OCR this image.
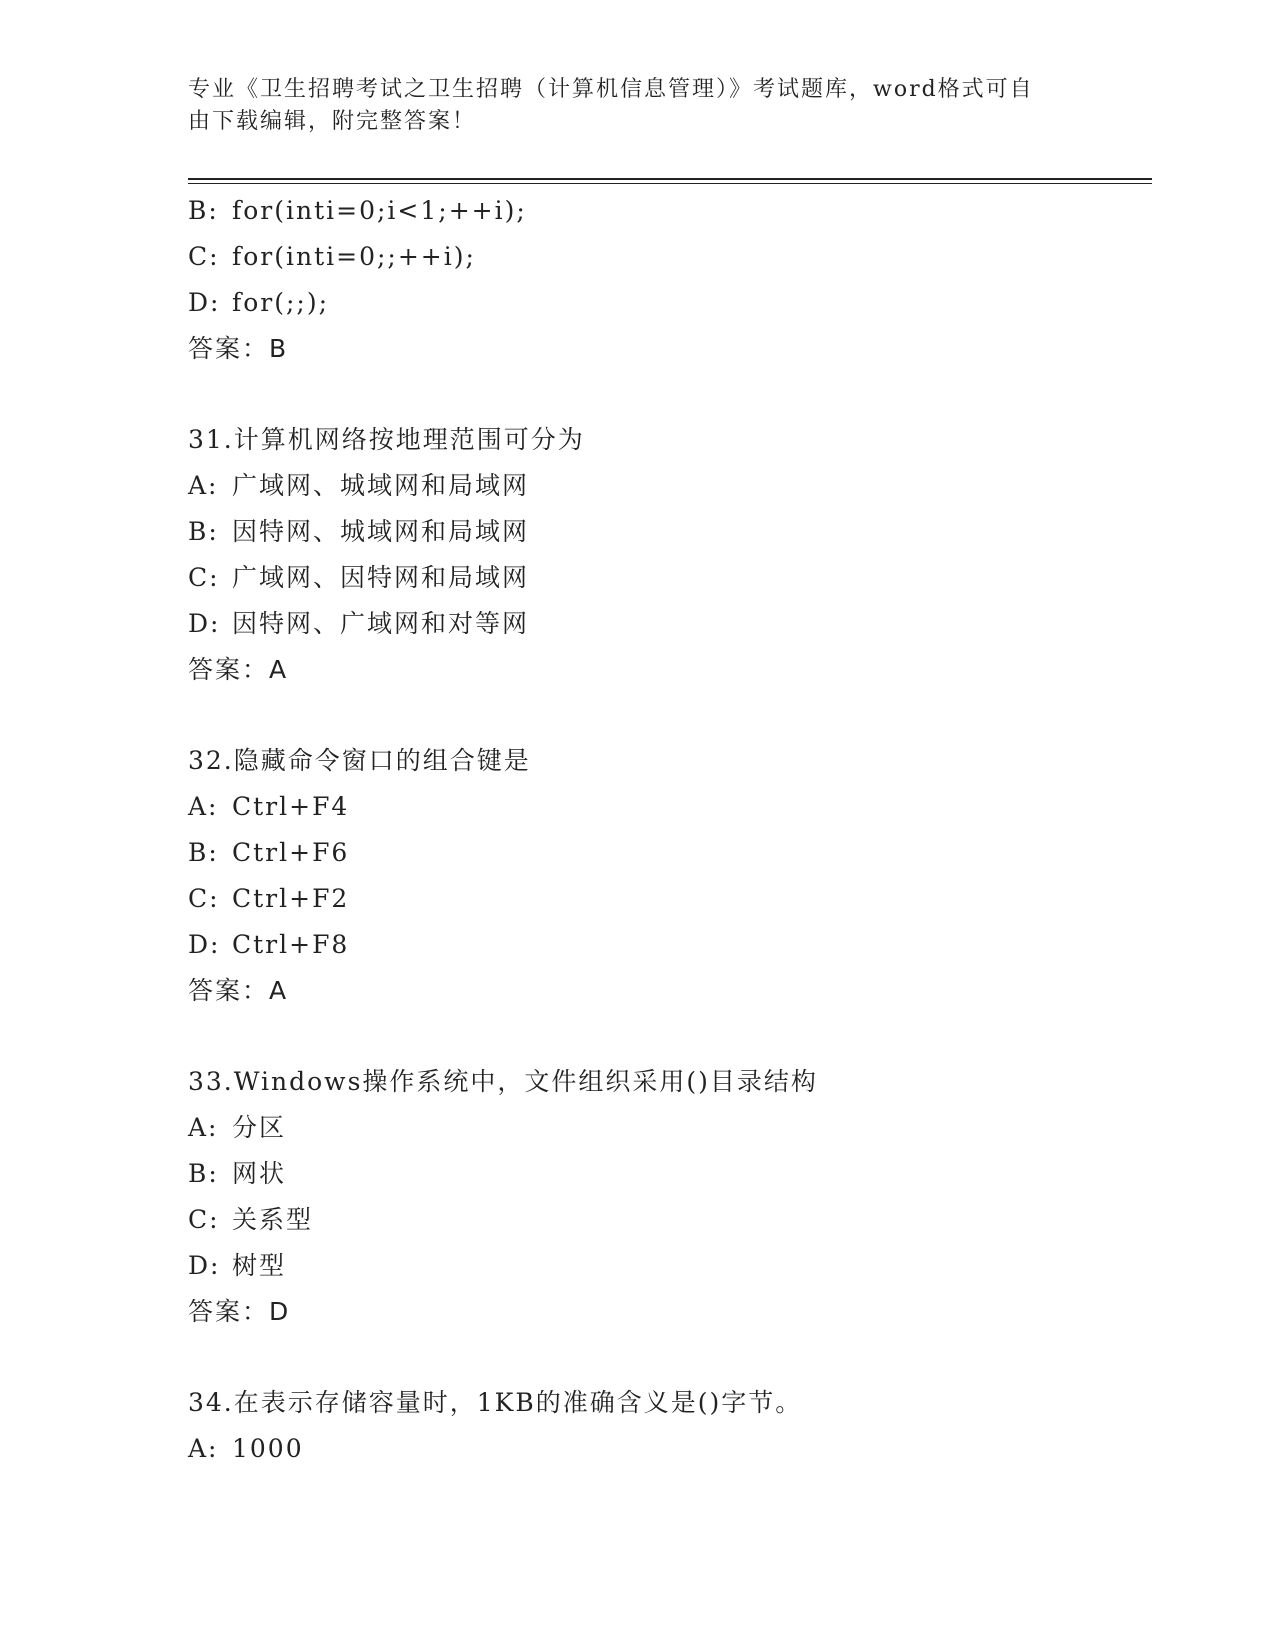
专业《卫生招聘考试之卫生招聘（计算机信息管理）》考试题库，word格式可自
由下载编辑，附完整答案！
B: for(inti=0;i<1;++i);
C: for(inti=0;;++i);
D: for(;;);
答案：B
31.计算机网络按地理范围可分为
A: 广域网、城域网和局域网
B: 因特网、城域网和局域网
C: 广域网、因特网和局域网
D: 因特网、广域网和对等网
答案：A
32.隐藏命令窗口的组合键是
A: Ctrl+F4
B: Ctrl+F6
C: Ctrl+F2
D: Ctrl+F8
答案：A
33.Windows操作系统中，文件组织采用()目录结构
A: 分区
B: 网状
C: 关系型
D: 树型
答案：D
34.在表示存储容量时，1KB的准确含义是()字节。
A: 1000
